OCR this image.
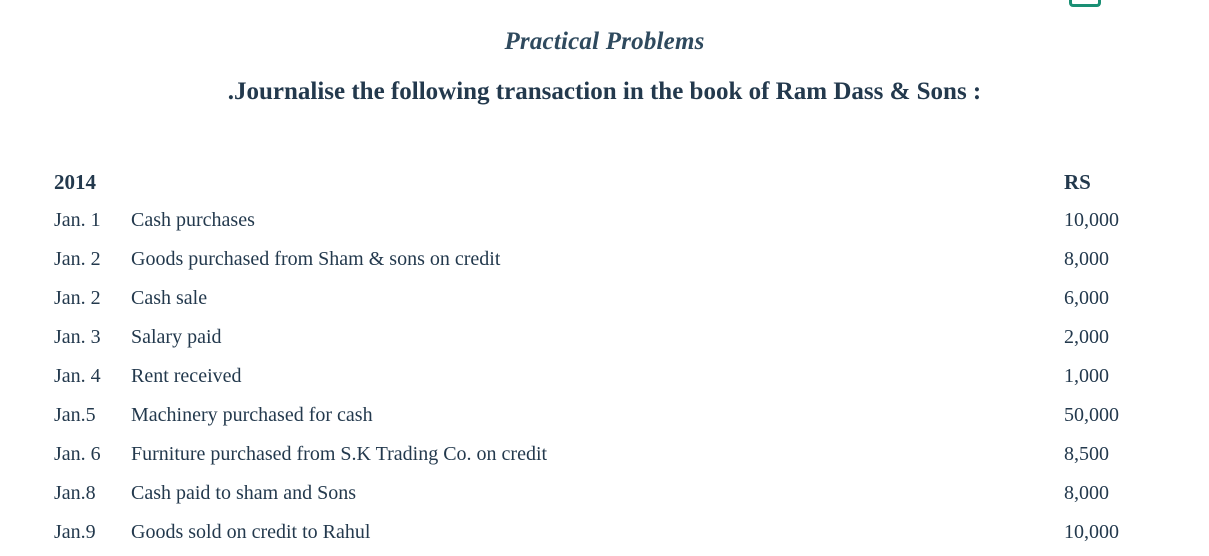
Practical Problems
.Journalise the following transaction in the book of Ram Dass & Sons :
2014	RS
Jan. 1	Cash purchases	10,000
Jan. 2	Goods purchased from Sham & sons on credit	8,000
Jan. 2	Cash sale	6,000
Jan. 3	Salary paid	2,000
Jan. 4	Rent received	1,000
Jan.5	Machinery purchased for cash	50,000
Jan. 6	Furniture purchased from S.K Trading Co. on credit	8,500
Jan.8	Cash paid to sham and Sons	8,000
Jan.9	Goods sold on credit to Rahul	10,000
